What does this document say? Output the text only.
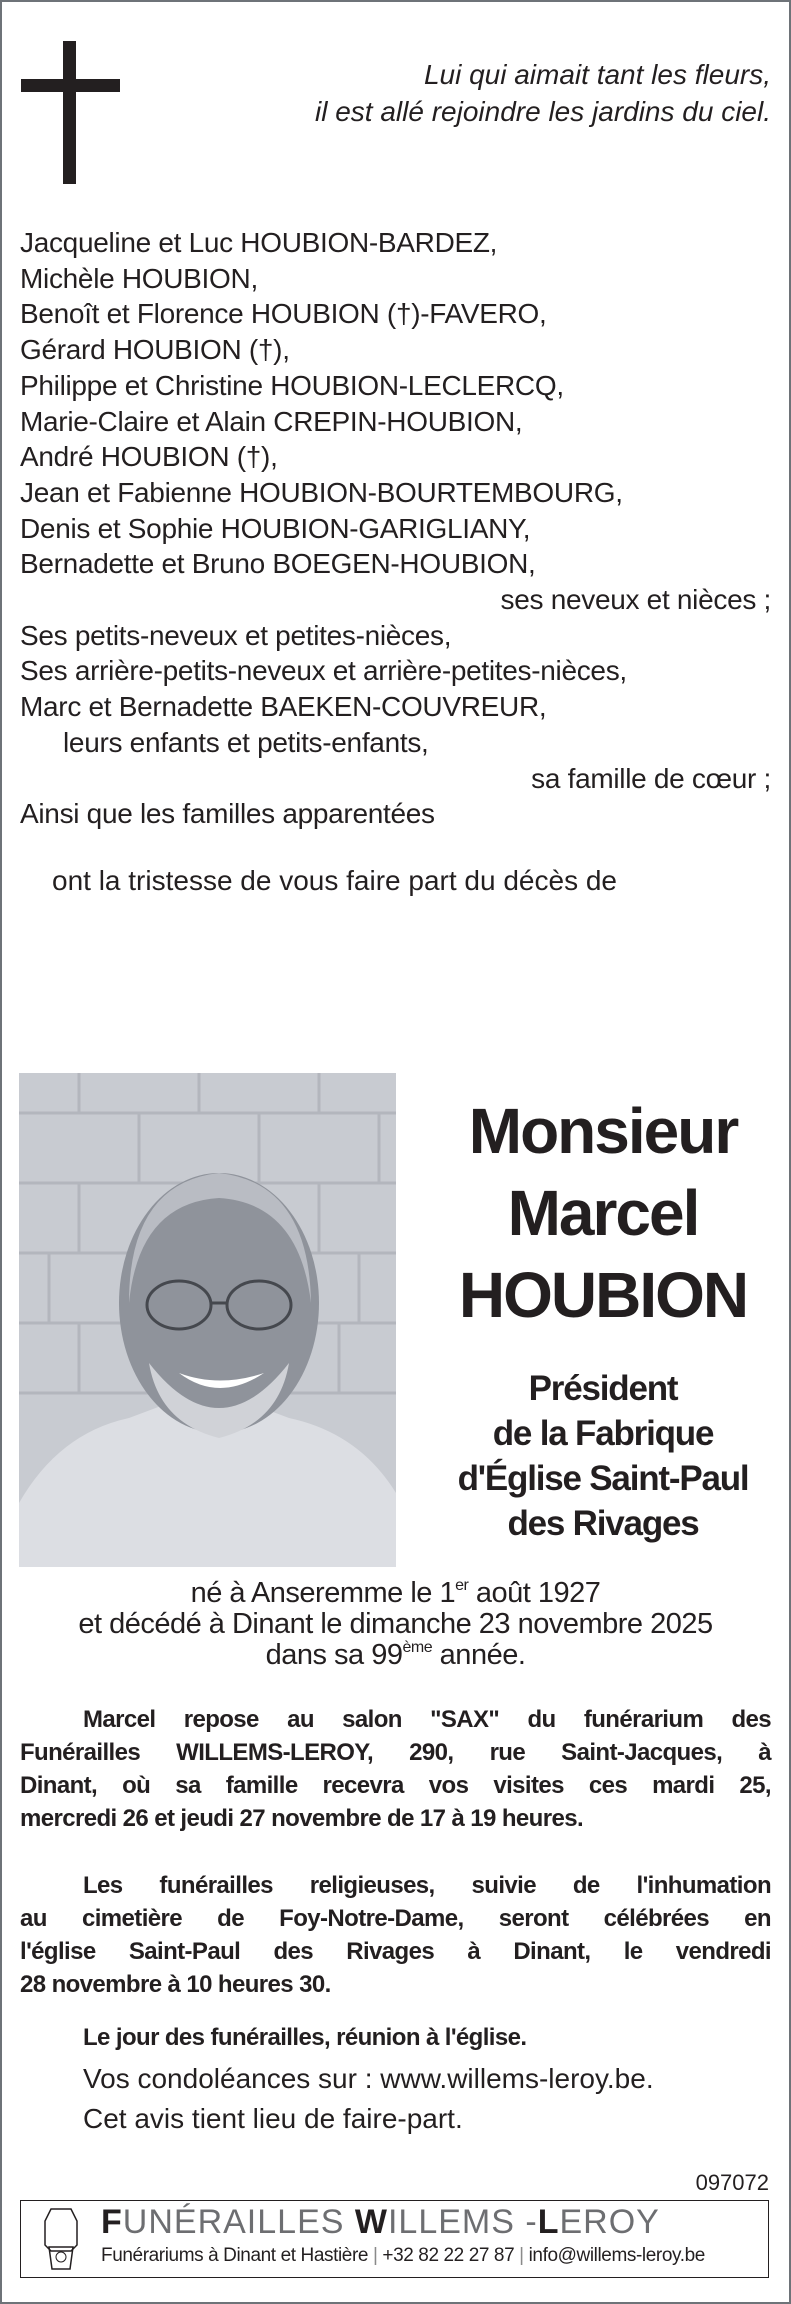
Lui qui aimait tant les fleurs,
il est allé rejoindre les jardins du ciel.
Jacqueline et Luc HOUBION-BARDEZ,
Michèle HOUBION,
Benoît et Florence HOUBION (†)-FAVERO,
Gérard HOUBION (†),
Philippe et Christine HOUBION-LECLERCQ,
Marie-Claire et Alain CREPIN-HOUBION,
André HOUBION (†),
Jean et Fabienne HOUBION-BOURTEMBOURG,
Denis et Sophie HOUBION-GARIGLIANY,
Bernadette et Bruno BOEGEN-HOUBION,
ses neveux et nièces ;
Ses petits-neveux et petites-nièces,
Ses arrière-petits-neveux et arrière-petites-nièces,
Marc et Bernadette BAEKEN-COUVREUR,
leurs enfants et petits-enfants,
sa famille de cœur ;
Ainsi que les familles apparentées
ont la tristesse de vous faire part du décès de
Monsieur
Marcel
HOUBION
Président
de la Fabrique
d'Église Saint-Paul
des Rivages
né à Anseremme le 1er août 1927
et décédé à Dinant le dimanche 23 novembre 2025
dans sa 99ème année.
Marcel repose au salon "SAX" du funérarium des
Funérailles WILLEMS-LEROY, 290, rue Saint-Jacques, à
Dinant, où sa famille recevra vos visites ces mardi 25,
mercredi 26 et jeudi 27 novembre de 17 à 19 heures.
Les funérailles religieuses, suivie de l'inhumation
au cimetière de Foy-Notre-Dame, seront célébrées en
l'église Saint-Paul des Rivages à Dinant, le vendredi
28 novembre à 10 heures 30.
Le jour des funérailles, réunion à l'église.
Vos condoléances sur : www.willems-leroy.be.
Cet avis tient lieu de faire-part.
097072
FUNÉRAILLES WILLEMS -LEROY
Funérariums à Dinant et Hastière | +32 82 22 27 87 | info@willems-leroy.be
